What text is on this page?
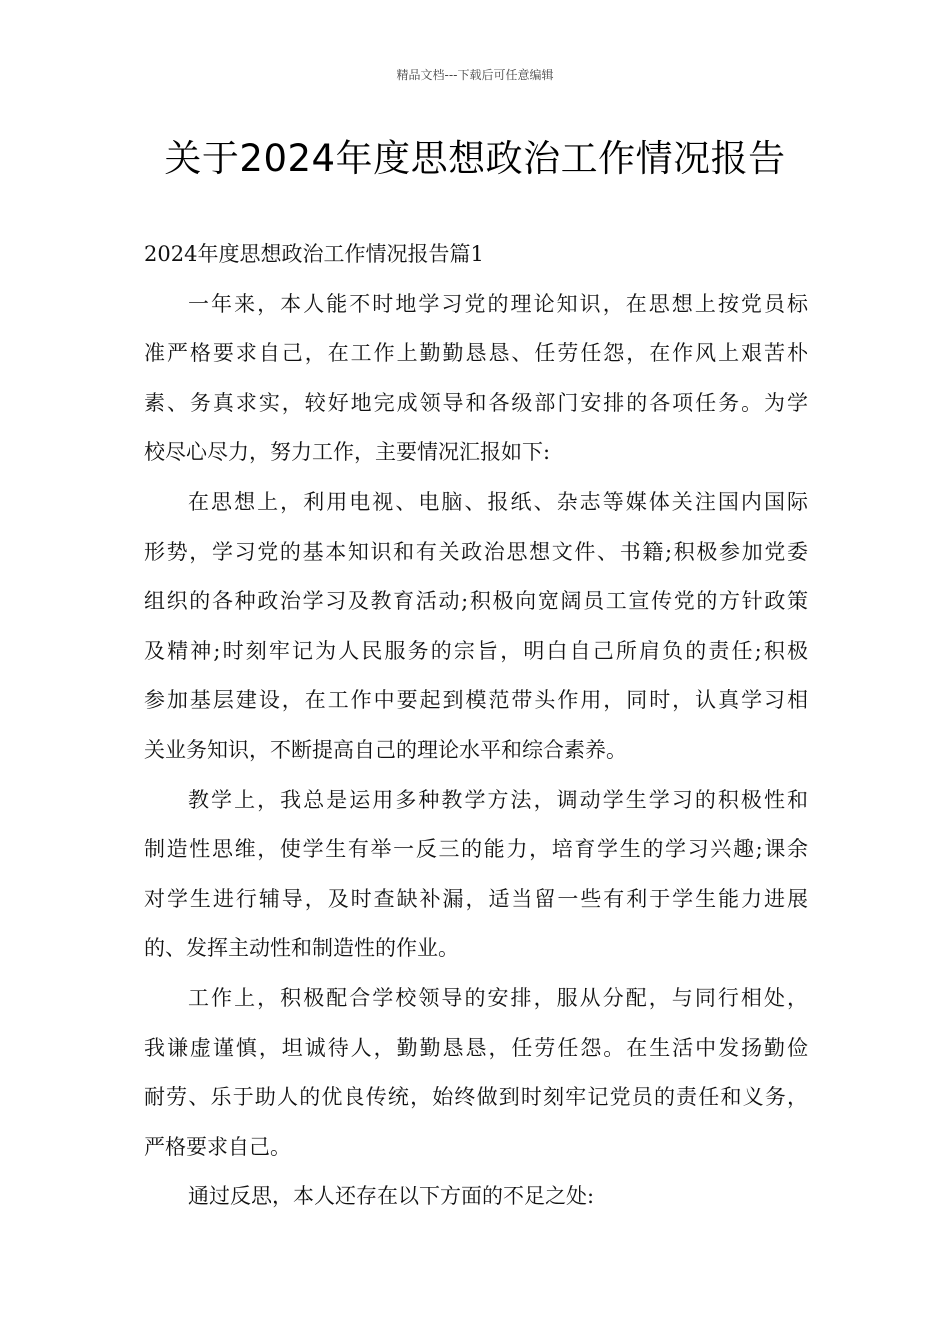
精品文档---下载后可任意编辑
关于2024年度思想政治工作情况报告
2024年度思想政治工作情况报告篇1
一年来，本人能不时地学习党的理论知识，在思想上按党员标
准严格要求自己，在工作上勤勤恳恳、任劳任怨，在作风上艰苦朴
素、务真求实，较好地完成领导和各级部门安排的各项任务。为学
校尽心尽力，努力工作，主要情况汇报如下:
在思想上，利用电视、电脑、报纸、杂志等媒体关注国内国际
形势，学习党的基本知识和有关政治思想文件、书籍;积极参加党委
组织的各种政治学习及教育活动;积极向宽阔员工宣传党的方针政策
及精神;时刻牢记为人民服务的宗旨，明白自己所肩负的责任;积极
参加基层建设，在工作中要起到模范带头作用，同时，认真学习相
关业务知识，不断提高自己的理论水平和综合素养。
教学上，我总是运用多种教学方法，调动学生学习的积极性和
制造性思维，使学生有举一反三的能力，培育学生的学习兴趣;课余
对学生进行辅导，及时查缺补漏，适当留一些有利于学生能力进展
的、发挥主动性和制造性的作业。
工作上，积极配合学校领导的安排，服从分配，与同行相处，
我谦虚谨慎，坦诚待人，勤勤恳恳，任劳任怨。在生活中发扬勤俭
耐劳、乐于助人的优良传统，始终做到时刻牢记党员的责任和义务，
严格要求自己。
通过反思，本人还存在以下方面的不足之处:
